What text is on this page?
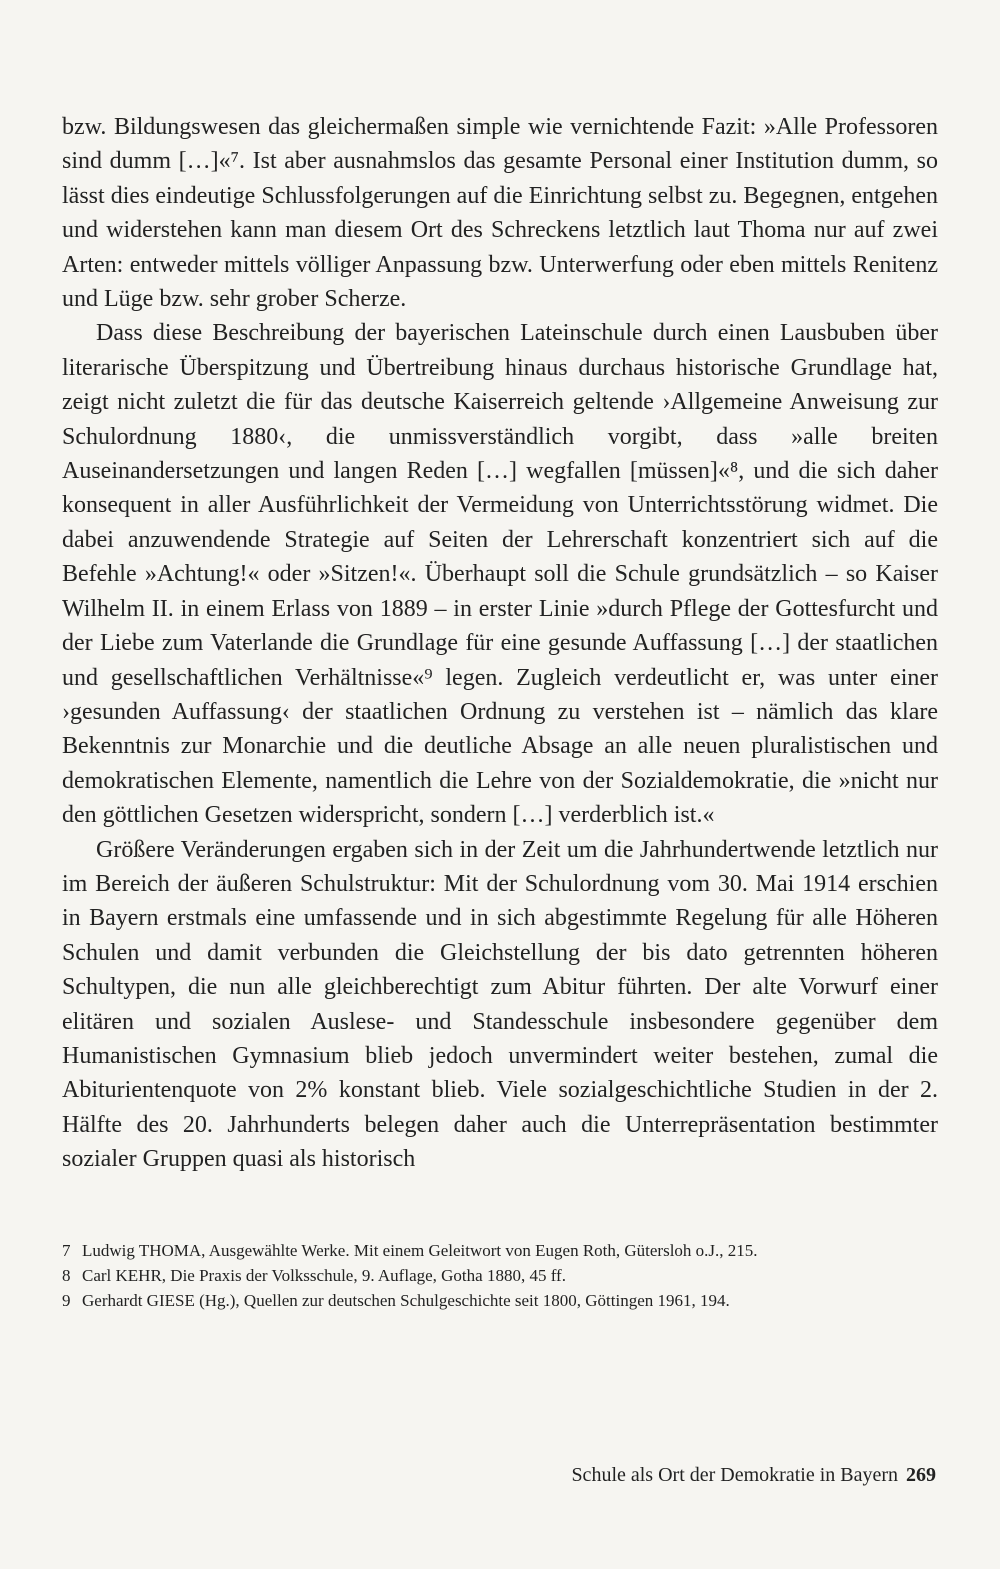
bzw. Bildungswesen das gleichermaßen simple wie vernichtende Fazit: »Alle Professoren sind dumm […]«⁷. Ist aber ausnahmslos das gesamte Personal einer Institution dumm, so lässt dies eindeutige Schlussfolgerungen auf die Einrichtung selbst zu. Begegnen, entgehen und widerstehen kann man diesem Ort des Schreckens letztlich laut Thoma nur auf zwei Arten: entweder mittels völliger Anpassung bzw. Unterwerfung oder eben mittels Renitenz und Lüge bzw. sehr grober Scherze.

Dass diese Beschreibung der bayerischen Lateinschule durch einen Lausbuben über literarische Überspitzung und Übertreibung hinaus durchaus historische Grundlage hat, zeigt nicht zuletzt die für das deutsche Kaiserreich geltende ›Allgemeine Anweisung zur Schulordnung 1880‹, die unmissverständlich vorgibt, dass »alle breiten Auseinandersetzungen und langen Reden […] wegfallen [müssen]«⁸, und die sich daher konsequent in aller Ausführlichkeit der Vermeidung von Unterrichtsstörung widmet. Die dabei anzuwendende Strategie auf Seiten der Lehrerschaft konzentriert sich auf die Befehle »Achtung!« oder »Sitzen!«. Überhaupt soll die Schule grundsätzlich – so Kaiser Wilhelm II. in einem Erlass von 1889 – in erster Linie »durch Pflege der Gottesfurcht und der Liebe zum Vaterlande die Grundlage für eine gesunde Auffassung […] der staatlichen und gesellschaftlichen Verhältnisse«⁹ legen. Zugleich verdeutlicht er, was unter einer ›gesunden Auffassung‹ der staatlichen Ordnung zu verstehen ist – nämlich das klare Bekenntnis zur Monarchie und die deutliche Absage an alle neuen pluralistischen und demokratischen Elemente, namentlich die Lehre von der Sozialdemokratie, die »nicht nur den göttlichen Gesetzen widerspricht, sondern […] verderblich ist.«

Größere Veränderungen ergaben sich in der Zeit um die Jahrhundertwende letztlich nur im Bereich der äußeren Schulstruktur: Mit der Schulordnung vom 30. Mai 1914 erschien in Bayern erstmals eine umfassende und in sich abgestimmte Regelung für alle Höheren Schulen und damit verbunden die Gleichstellung der bis dato getrennten höheren Schultypen, die nun alle gleichberechtigt zum Abitur führten. Der alte Vorwurf einer elitären und sozialen Auslese- und Standesschule insbesondere gegenüber dem Humanistischen Gymnasium blieb jedoch unvermindert weiter bestehen, zumal die Abiturientenquote von 2% konstant blieb. Viele sozialgeschichtliche Studien in der 2. Hälfte des 20. Jahrhunderts belegen daher auch die Unterrepräsentation bestimmter sozialer Gruppen quasi als historisch

7 Ludwig THOMA, Ausgewählte Werke. Mit einem Geleitwort von Eugen Roth, Gütersloh o.J., 215.

8 Carl KEHR, Die Praxis der Volksschule, 9. Auflage, Gotha 1880, 45 ff.

9 Gerhardt GIESE (Hg.), Quellen zur deutschen Schulgeschichte seit 1800, Göttingen 1961, 194.

Schule als Ort der Demokratie in Bayern 269
